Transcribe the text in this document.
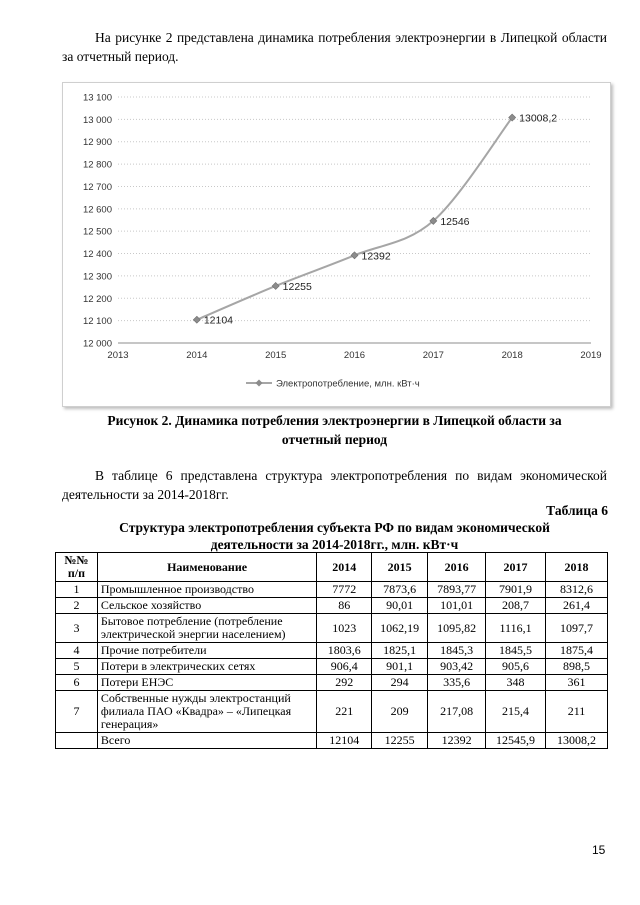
На рисунке 2 представлена динамика потребления электроэнергии в Липецкой области за отчетный период.

12 000
12 100
12 200
12 300
12 400
12 500
12 600
12 700
12 800
12 900
13 000
13 100
2013	2014	2015	2016	2017	2018	2019
12104
12255
12392
12546
13008,2
Электропотребление, млн. кВт·ч
Рисунок 2. Динамика потребления электроэнергии в Липецкой области за
отчетный период

В таблице 6 представлена структура электропотребления по видам экономической деятельности за 2014-2018гг.

Таблица 6
Структура электропотребления субъекта РФ по видам экономической
деятельности за 2014-2018гг., млн. кВт·ч
№№ п/п	Наименование	2014	2015	2016	2017	2018
1	Промышленное производство	7772	7873,6	7893,77	7901,9	8312,6
2	Сельское хозяйство	86	90,01	101,01	208,7	261,4
3	Бытовое потребление (потребление электрической энергии населением)	1023	1062,19	1095,82	1116,1	1097,7
4	Прочие потребители	1803,6	1825,1	1845,3	1845,5	1875,4
5	Потери в электрических сетях	906,4	901,1	903,42	905,6	898,5
6	Потери ЕНЭС	292	294	335,6	348	361
7	Собственные нужды электростанций филиала ПАО «Квадра» – «Липецкая генерация»	221	209	217,08	215,4	211
	Всего	12104	12255	12392	12545,9	13008,2
15
